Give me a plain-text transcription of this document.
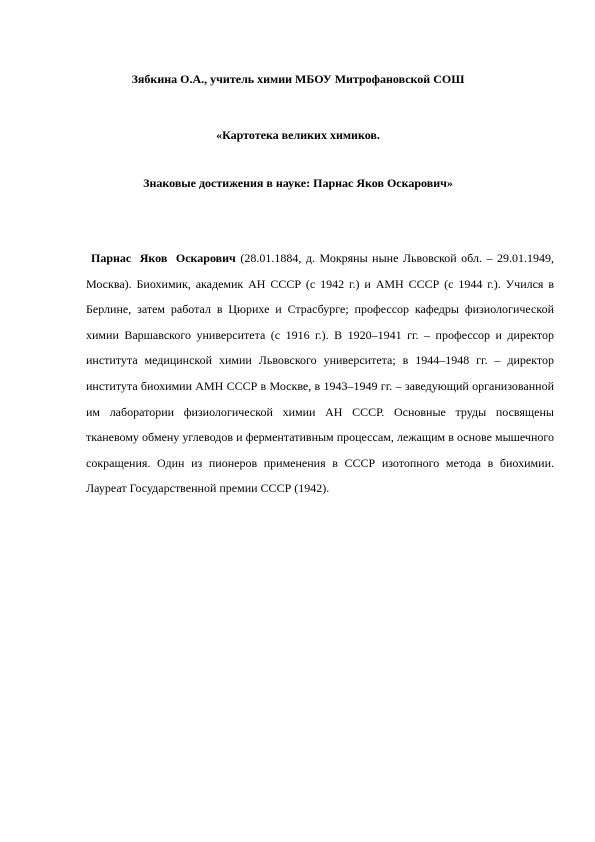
Зябкина О.А., учитель химии МБОУ Митрофановской СОШ
«Картотека великих химиков.
Знаковые достижения в науке: Парнас Яков Оскарович»

Парнас Яков Оскарович (28.01.1884, д. Мокряны ныне Львовской обл. – 29.01.1949, Москва). Биохимик, академик АН СССР (с 1942 г.) и АМН СССР (с 1944 г.). Учился в Берлине, затем работал в Цюрихе и Страсбурге; профессор кафедры физиологической химии Варшавского университета (с 1916 г.). В 1920–1941 гг. – профессор и директор института медицинской химии Львовского университета; в 1944–1948 гг. – директор института биохимии АМН СССР в Москве, в 1943–1949 гг. – заведующий организованной им лаборатории физиологической химии АН СССР. Основные труды посвящены тканевому обмену углеводов и ферментативным процессам, лежащим в основе мышечного сокращения. Один из пионеров применения в СССР изотопного метода в биохимии. Лауреат Государственной премии СССР (1942).
